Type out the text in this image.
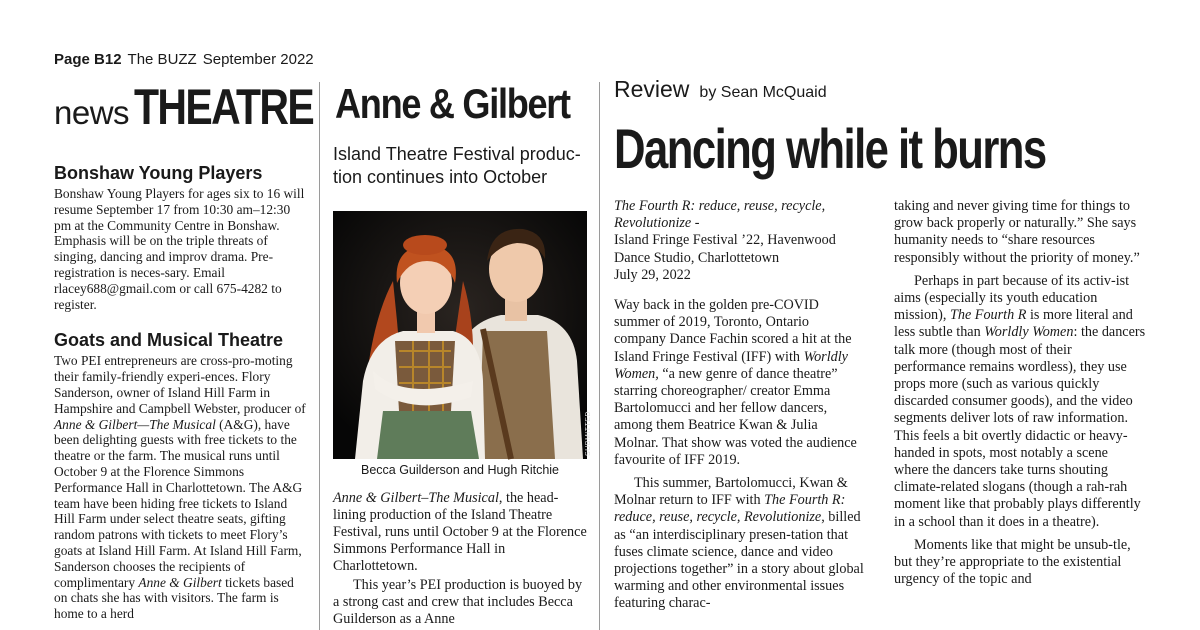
Page B12 The BUZZ September 2022
news THEATRE
Bonshaw Young Players

Bonshaw Young Players for ages six to 16 will resume September 17 from 10:30 am–12:30 pm at the Community Centre in Bonshaw. Emphasis will be on the triple threats of singing, dancing and improv drama. Pre-registration is neces-sary. Email rlacey688@gmail.com or call 675-4282 to register.

Goats and Musical Theatre

Two PEI entrepreneurs are cross-pro-moting their family-friendly experi-ences. Flory Sanderson, owner of Island Hill Farm in Hampshire and Campbell Webster, producer of Anne & Gilbert—The Musical (A&G), have been delighting guests with free tickets to the theatre or the farm. The musical runs until October 9 at the Florence Simmons Performance Hall in Charlottetown. The A&G team have been hiding free tickets to Island Hill Farm under select theatre seats, gifting random patrons with tickets to meet Flory’s goats at Island Hill Farm. At Island Hill Farm, Sanderson chooses the recipients of complimentary Anne & Gilbert tickets based on chats she has with visitors. The farm is home to a herd

Anne & Gilbert
Island Theatre Festival produc-tion continues into October
SUBMITTED
Becca Guilderson and Hugh Ritchie

Anne & Gilbert–The Musical, the head-lining production of the Island Theatre Festival, runs until October 9 at the Florence Simmons Performance Hall in Charlottetown.

This year’s PEI production is buoyed by a strong cast and crew that includes Becca Guilderson as a Anne

Review by Sean McQuaid
Dancing while it burns

The Fourth R: reduce, reuse, recycle, Revolutionize -
Island Fringe Festival ’22, Havenwood Dance Studio, Charlottetown
July 29, 2022

Way back in the golden pre-COVID summer of 2019, Toronto, Ontario company Dance Fachin scored a hit at the Island Fringe Festival (IFF) with Worldly Women, “a new genre of dance theatre” starring choreographer/ creator Emma Bartolomucci and her fellow dancers, among them Beatrice Kwan & Julia Molnar. That show was voted the audience favourite of IFF 2019.

This summer, Bartolomucci, Kwan & Molnar return to IFF with The Fourth R: reduce, reuse, recycle, Revolutionize, billed as “an interdisciplinary presen-tation that fuses climate science, dance and video projections together” in a story about global warming and other environmental issues featuring charac-

taking and never giving time for things to grow back properly or naturally.” She says humanity needs to “share resources responsibly without the priority of money.”

Perhaps in part because of its activ-ist aims (especially its youth education mission), The Fourth R is more literal and less subtle than Worldly Women: the dancers talk more (though most of their performance remains wordless), they use props more (such as various quickly discarded consumer goods), and the video segments deliver lots of raw information. This feels a bit overtly didactic or heavy-handed in spots, most notably a scene where the dancers take turns shouting climate-related slogans (though a rah-rah moment like that probably plays differently in a school than it does in a theatre).

Moments like that might be unsub-tle, but they’re appropriate to the existential urgency of the topic and
